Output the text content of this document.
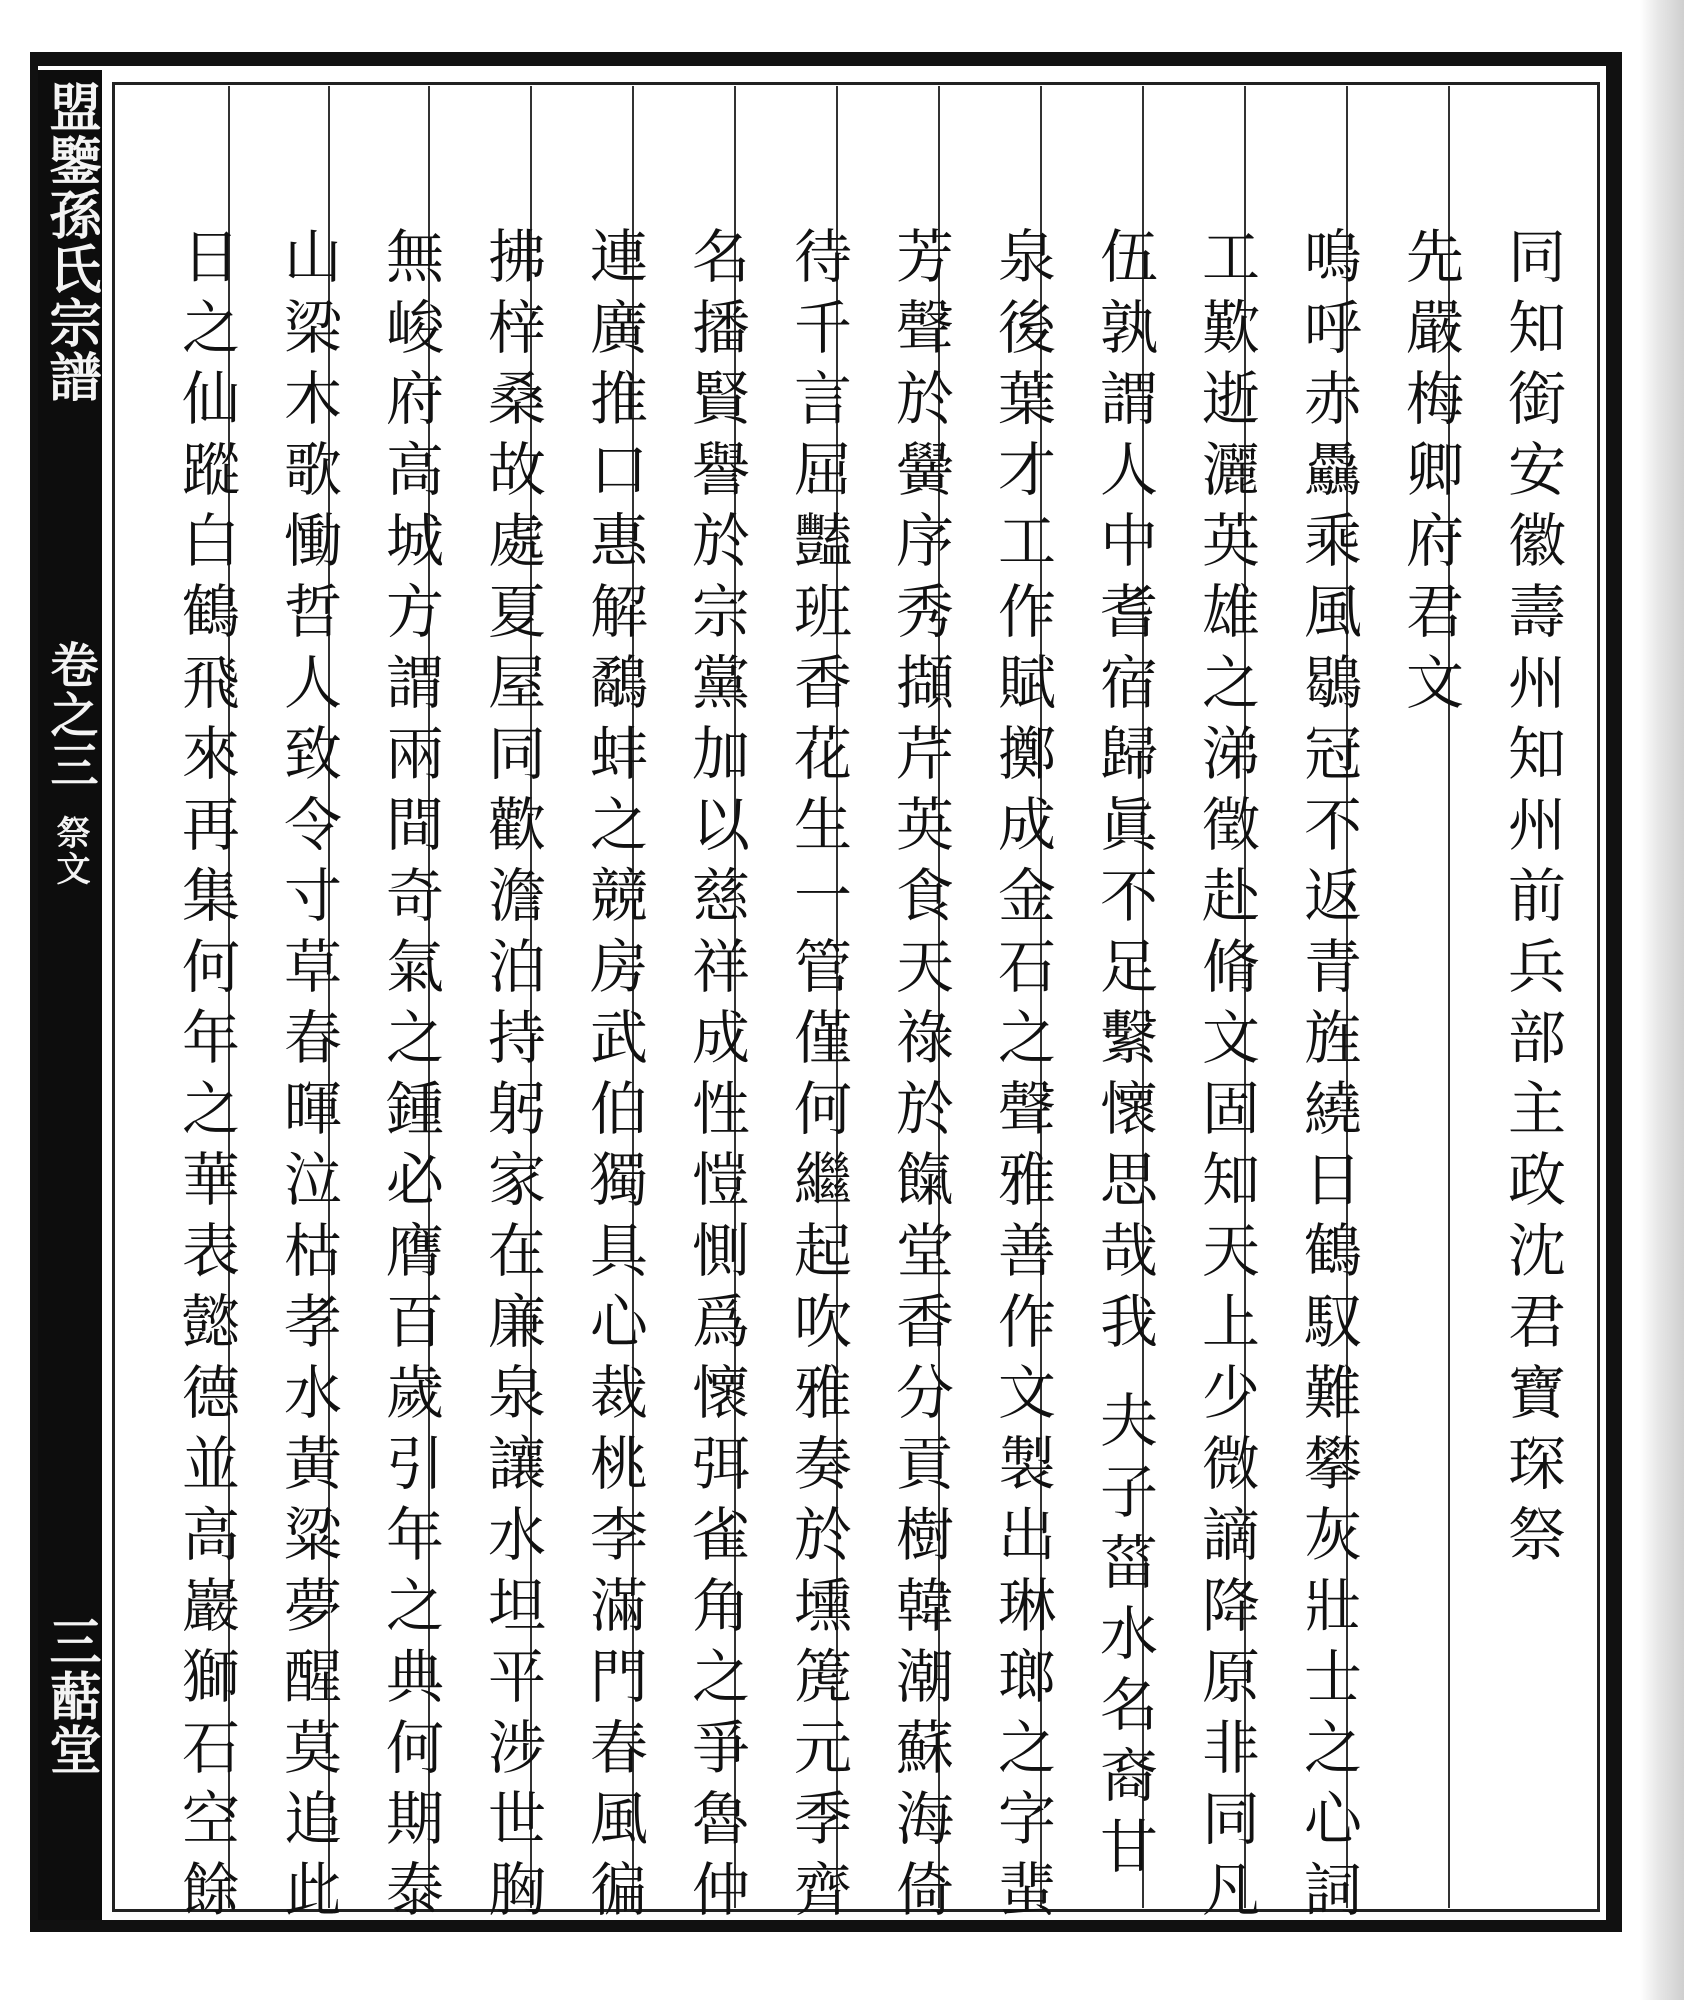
盟鑒孫氏宗譜
卷之三
祭文
三䔯堂
同知銜安徽壽州知州前兵部主政沈君寶琛祭
先嚴梅卿府君文
嗚呼赤驫乘風鶡冠不返青旌繞日鶴馭難攀灰壯士之心詞
工歎逝灑英雄之涕徵赴脩文固知天上少微謫降原非同凡
伍孰謂人中耆宿歸眞不足繫懷思哉我
夫子菑水名裔甘
泉後葉才工作賦擲成金石之聲雅善作文製出琳瑯之字蜚
芳聲於黌序秀擷芹英食天祿於餼堂香分貢樹韓潮蘇海倚
待千言屈豔班香花生一管僅何繼起吹雅奏於壎箎元季齊
名播賢譽於宗黨加以慈祥成性愷惻爲懷弭雀角之爭魯仲
連廣推口惠解鷸蚌之競房武伯獨具心裁桃李滿門春風徧
拂梓桑故處夏屋同歡澹泊持躬家在廉泉讓水坦平涉世胸
無峻府高城方謂兩間奇氣之鍾必膺百歲引年之典何期泰
山梁木歌慟哲人致令寸草春暉泣枯孝水黃粱夢醒莫追此
日之仙蹤白鶴飛來再集何年之華表懿德並高巖獅石空餘
